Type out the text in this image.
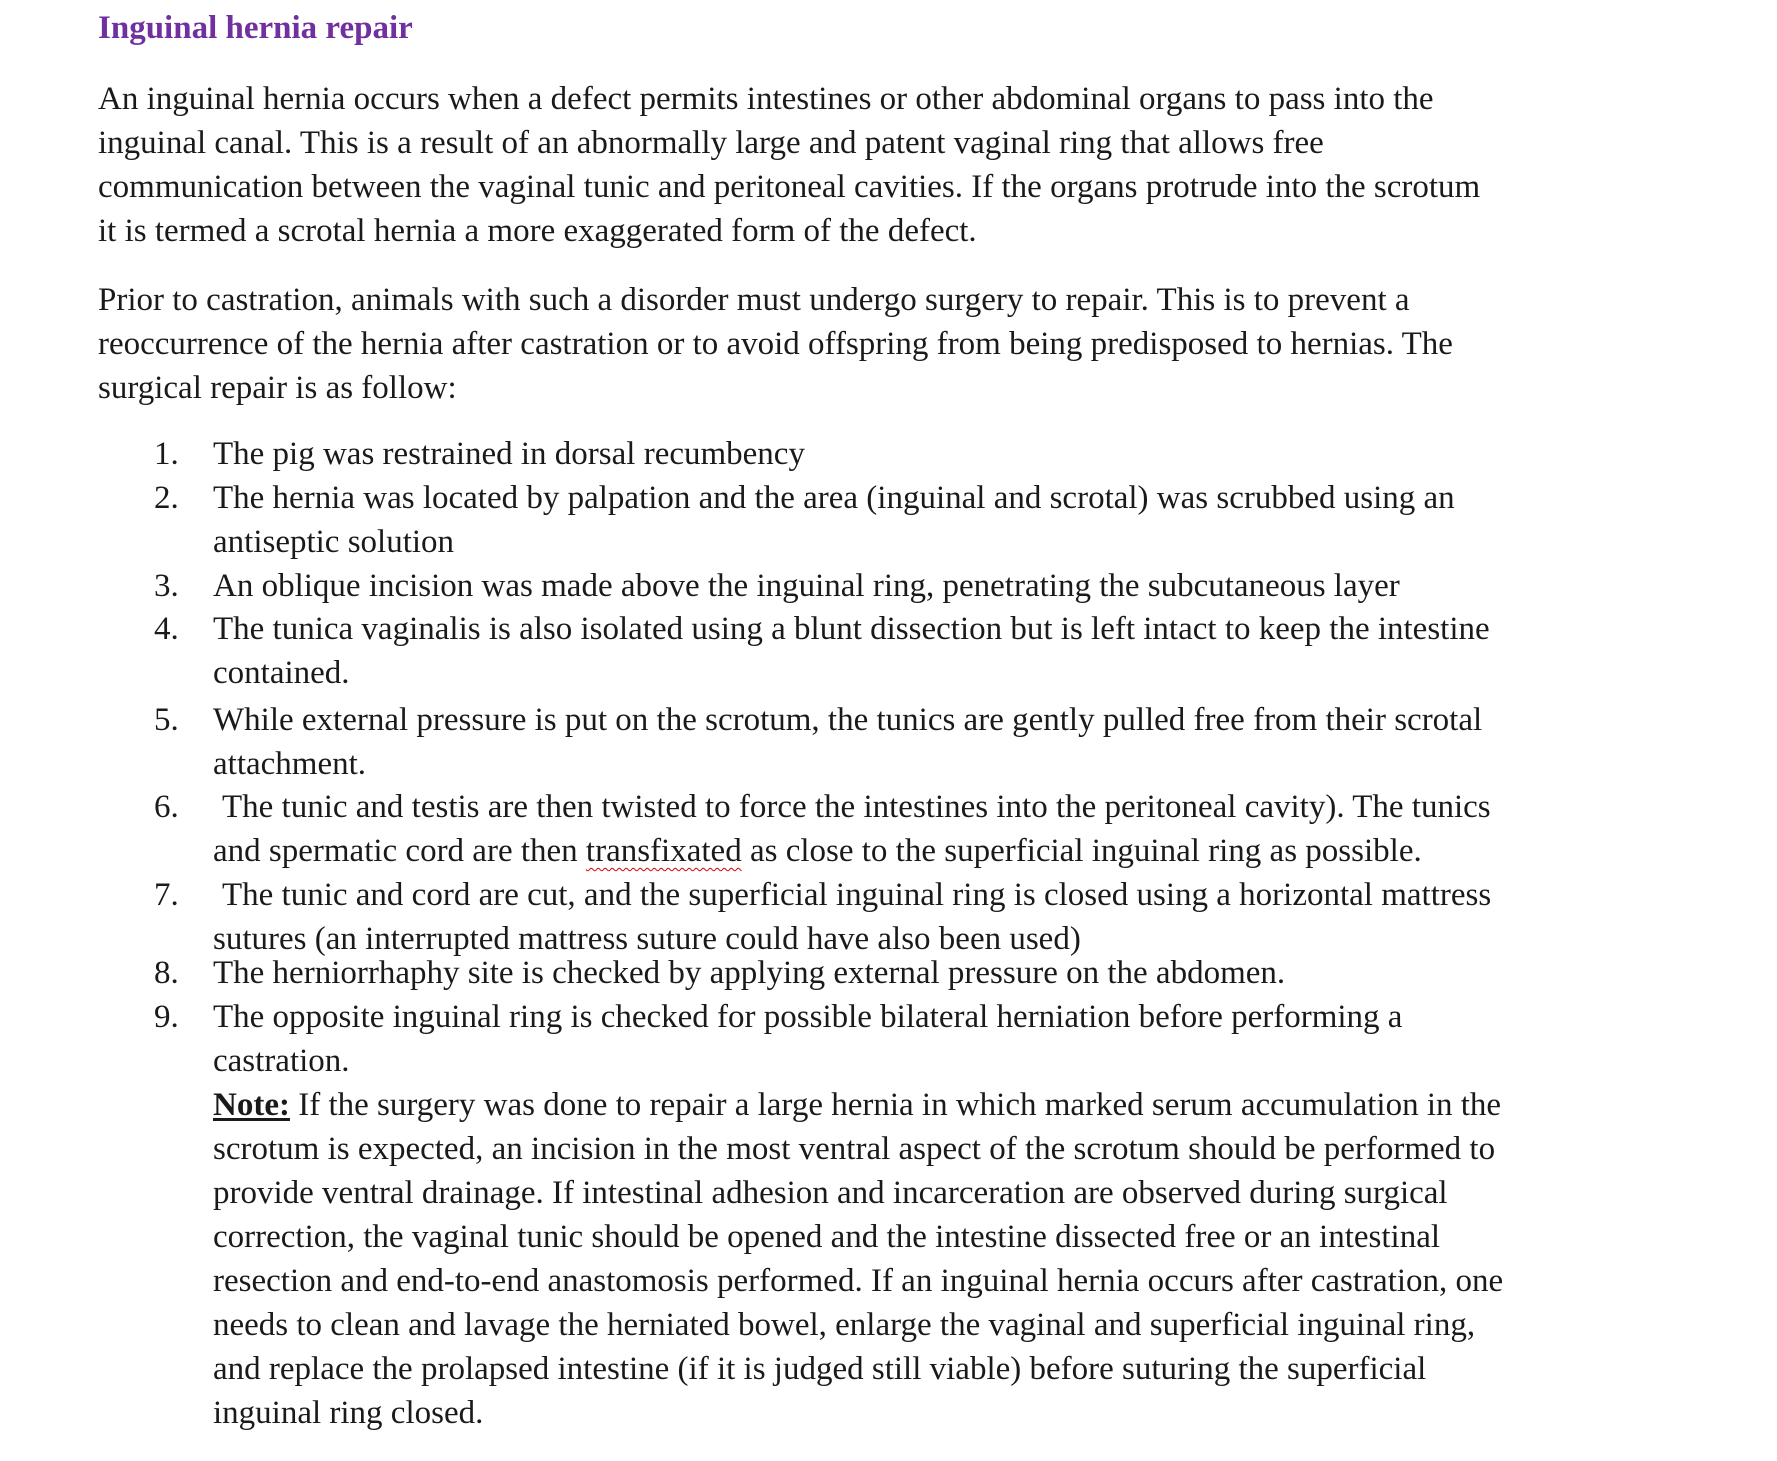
Inguinal hernia repair

An inguinal hernia occurs when a defect permits intestines or other abdominal organs to pass into the
inguinal canal. This is a result of an abnormally large and patent vaginal ring that allows free
communication between the vaginal tunic and peritoneal cavities. If the organs protrude into the scrotum
it is termed a scrotal hernia a more exaggerated form of the defect.

Prior to castration, animals with such a disorder must undergo surgery to repair. This is to prevent a
reoccurrence of the hernia after castration or to avoid offspring from being predisposed to hernias. The
surgical repair is as follow:

1. The pig was restrained in dorsal recumbency
2. The hernia was located by palpation and the area (inguinal and scrotal) was scrubbed using an
antiseptic solution
3. An oblique incision was made above the inguinal ring, penetrating the subcutaneous layer
4. The tunica vaginalis is also isolated using a blunt dissection but is left intact to keep the intestine
contained.
5. While external pressure is put on the scrotum, the tunics are gently pulled free from their scrotal
attachment.
6. The tunic and testis are then twisted to force the intestines into the peritoneal cavity). The tunics
and spermatic cord are then transfixated as close to the superficial inguinal ring as possible.
7. The tunic and cord are cut, and the superficial inguinal ring is closed using a horizontal mattress
sutures (an interrupted mattress suture could have also been used)
8. The herniorrhaphy site is checked by applying external pressure on the abdomen.
9. The opposite inguinal ring is checked for possible bilateral herniation before performing a
castration.
Note: If the surgery was done to repair a large hernia in which marked serum accumulation in the
scrotum is expected, an incision in the most ventral aspect of the scrotum should be performed to
provide ventral drainage. If intestinal adhesion and incarceration are observed during surgical
correction, the vaginal tunic should be opened and the intestine dissected free or an intestinal
resection and end-to-end anastomosis performed. If an inguinal hernia occurs after castration, one
needs to clean and lavage the herniated bowel, enlarge the vaginal and superficial inguinal ring,
and replace the prolapsed intestine (if it is judged still viable) before suturing the superficial
inguinal ring closed.
